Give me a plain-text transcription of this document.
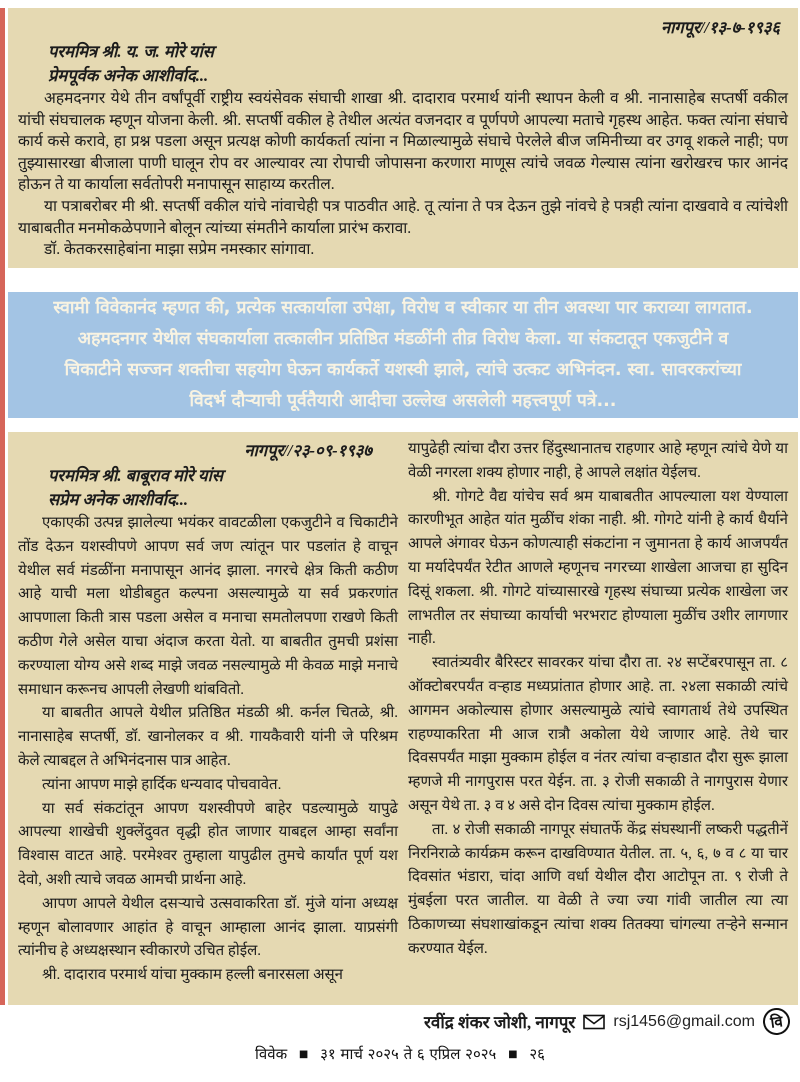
नागपूर//१३-७-१९३६
परममित्र श्री. य. ज. मोरे यांस
प्रेमपूर्वक अनेक आशीर्वाद...

अहमदनगर येथे तीन वर्षांपूर्वी राष्ट्रीय स्वयंसेवक संघाची शाखा श्री. दादाराव परमार्थ यांनी स्थापन केली व श्री. नानासाहेब सप्तर्षी वकील यांची संघचालक म्हणून योजना केली. श्री. सप्तर्षी वकील हे तेथील अत्यंत वजनदार व पूर्णपणे आपल्या मताचे गृहस्थ आहेत. फक्त त्यांना संघाचे कार्य कसे करावे, हा प्रश्न पडला असून प्रत्यक्ष कोणी कार्यकर्ता त्यांना न मिळाल्यामुळे संघाचे पेरलेले बीज जमिनीच्या वर उगवू शकले नाही; पण तुझ्यासारखा बीजाला पाणी घालून रोप वर आल्यावर त्या रोपाची जोपासना करणारा माणूस त्यांचे जवळ गेल्यास त्यांना खरोखरच फार आनंद होऊन ते या कार्याला सर्वतोपरी मनापासून साहाय्य करतील.

या पत्राबरोबर मी श्री. सप्तर्षी वकील यांचे नांवाचेही पत्र पाठवीत आहे. तू त्यांना ते पत्र देऊन तुझे नांवचे हे पत्रही त्यांना दाखवावे व त्यांचेशी याबाबतीत मनमोकळेपणाने बोलून त्यांच्या संमतीने कार्याला प्रारंभ करावा.

डॉ. केतकरसाहेबांना माझा सप्रेम नमस्कार सांगावा.

स्वामी विवेकानंद म्हणत की, प्रत्येक सत्कार्याला उपेक्षा, विरोध व स्वीकार या तीन अवस्था पार कराव्या लागतात. अहमदनगर येथील संघकार्याला तत्कालीन प्रतिष्ठित मंडळींनी तीव्र विरोध केला. या संकटातून एकजुटीने व चिकाटीने सज्जन शक्तीचा सहयोग घेऊन कार्यकर्ते यशस्वी झाले, त्यांचे उत्कट अभिनंदन. स्वा. सावरकरांच्या विदर्भ दौऱ्याची पूर्वतैयारी आदीचा उल्लेख असलेली महत्त्वपूर्ण पत्रे...

नागपूर//२३-०९-१९३७
परममित्र श्री. बाबूराव मोरे यांस
सप्रेम अनेक आशीर्वाद...

एकाएकी उत्पन्न झालेल्या भयंकर वावटळीला एकजुटीने व चिकाटीने तोंड देऊन यशस्वीपणे आपण सर्व जण त्यांतून पार पडलांत हे वाचून येथील सर्व मंडळींना मनापासून आनंद झाला. नगरचे क्षेत्र किती कठीण आहे याची मला थोडीबहुत कल्पना असल्यामुळे या सर्व प्रकरणांत आपणाला किती त्रास पडला असेल व मनाचा समतोलपणा राखणे किती कठीण गेले असेल याचा अंदाज करता येतो. या बाबतीत तुमची प्रशंसा करण्याला योग्य असे शब्द माझे जवळ नसल्यामुळे मी केवळ माझे मनाचे समाधान करूनच आपली लेखणी थांबवितो.

या बाबतीत आपले येथील प्रतिष्ठित मंडळी श्री. कर्नल चितळे, श्री. नानासाहेब सप्तर्षी, डॉ. खानोलकर व श्री. गायकैवारी यांनी जे परिश्रम केले त्याबद्दल ते अभिनंदनास पात्र आहेत.

त्यांना आपण माझे हार्दिक धन्यवाद पोचवावेत.

या सर्व संकटांतून आपण यशस्वीपणे बाहेर पडल्यामुळे यापुढे आपल्या शाखेची शुक्लेंदुवत वृद्धी होत जाणार याबद्दल आम्हा सर्वांना विश्वास वाटत आहे. परमेश्वर तुम्हाला यापुढील तुमचे कार्यांत पूर्ण यश देवो, अशी त्याचे जवळ आमची प्रार्थना आहे.

आपण आपले येथील दसऱ्याचे उत्सवाकरिता डॉ. मुंजे यांना अध्यक्ष म्हणून बोलावणार आहांत हे वाचून आम्हाला आनंद झाला. याप्रसंगी त्यांनीच हे अध्यक्षस्थान स्वीकारणे उचित होईल.

श्री. दादाराव परमार्थ यांचा मुक्काम हल्ली बनारसला असून

यापुढेही त्यांचा दौरा उत्तर हिंदुस्थानातच राहणार आहे म्हणून त्यांचे येणे या वेळी नगरला शक्य होणार नाही, हे आपले लक्षांत येईलच.

श्री. गोगटे वैद्य यांचेच सर्व श्रम याबाबतीत आपल्याला यश येण्याला कारणीभूत आहेत यांत मुळींच शंका नाही. श्री. गोगटे यांनी हे कार्य धैर्याने आपले अंगावर घेऊन कोणत्याही संकटांना न जुमानता हे कार्य आजपर्यंत या मर्यादेपर्यंत रेटीत आणले म्हणूनच नगरच्या शाखेला आजचा हा सुदिन दिसूं शकला. श्री. गोगटे यांच्यासारखे गृहस्थ संघाच्या प्रत्येक शाखेला जर लाभतील तर संघाच्या कार्याची भरभराट होण्याला मुळींच उशीर लागणार नाही.

स्वातंत्र्यवीर बैरिस्टर सावरकर यांचा दौरा ता. २४ सप्टेंबरपासून ता. ८ ऑक्टोबरपर्यंत वऱ्हाड मध्यप्रांतात होणार आहे. ता. २४ला सकाळी त्यांचे आगमन अकोल्यास होणार असल्यामुळे त्यांचे स्वागतार्थ तेथे उपस्थित राहण्याकरिता मी आज रात्रौ अकोला येथे जाणार आहे. तेथे चार दिवसपर्यंत माझा मुक्काम होईल व नंतर त्यांचा वऱ्हाडात दौरा सुरू झाला म्हणजे मी नागपुरास परत येईन. ता. ३ रोजी सकाळी ते नागपुरास येणार असून येथे ता. ३ व ४ असे दोन दिवस त्यांचा मुक्काम होईल.

ता. ४ रोजी सकाळी नागपूर संघातर्फे केंद्र संघस्थानीं लष्करी पद्धतीनें निरनिराळे कार्यक्रम करून दाखविण्यात येतील. ता. ५, ६, ७ व ८ या चार दिवसांत भंडारा, चांदा आणि वर्धा येथील दौरा आटोपून ता. ९ रोजी ते मुंबईला परत जातील. या वेळी ते ज्या ज्या गांवी जातील त्या त्या ठिकाणच्या संघशाखांकडून त्यांचा शक्य तितक्या चांगल्या तऱ्हेने सन्मान करण्यात येईल.

रवींद्र शंकर जोशी, नागपूर rsj1456@gmail.com वि
विवेक ■ ३१ मार्च २०२५ ते ६ एप्रिल २०२५ ■ २६
